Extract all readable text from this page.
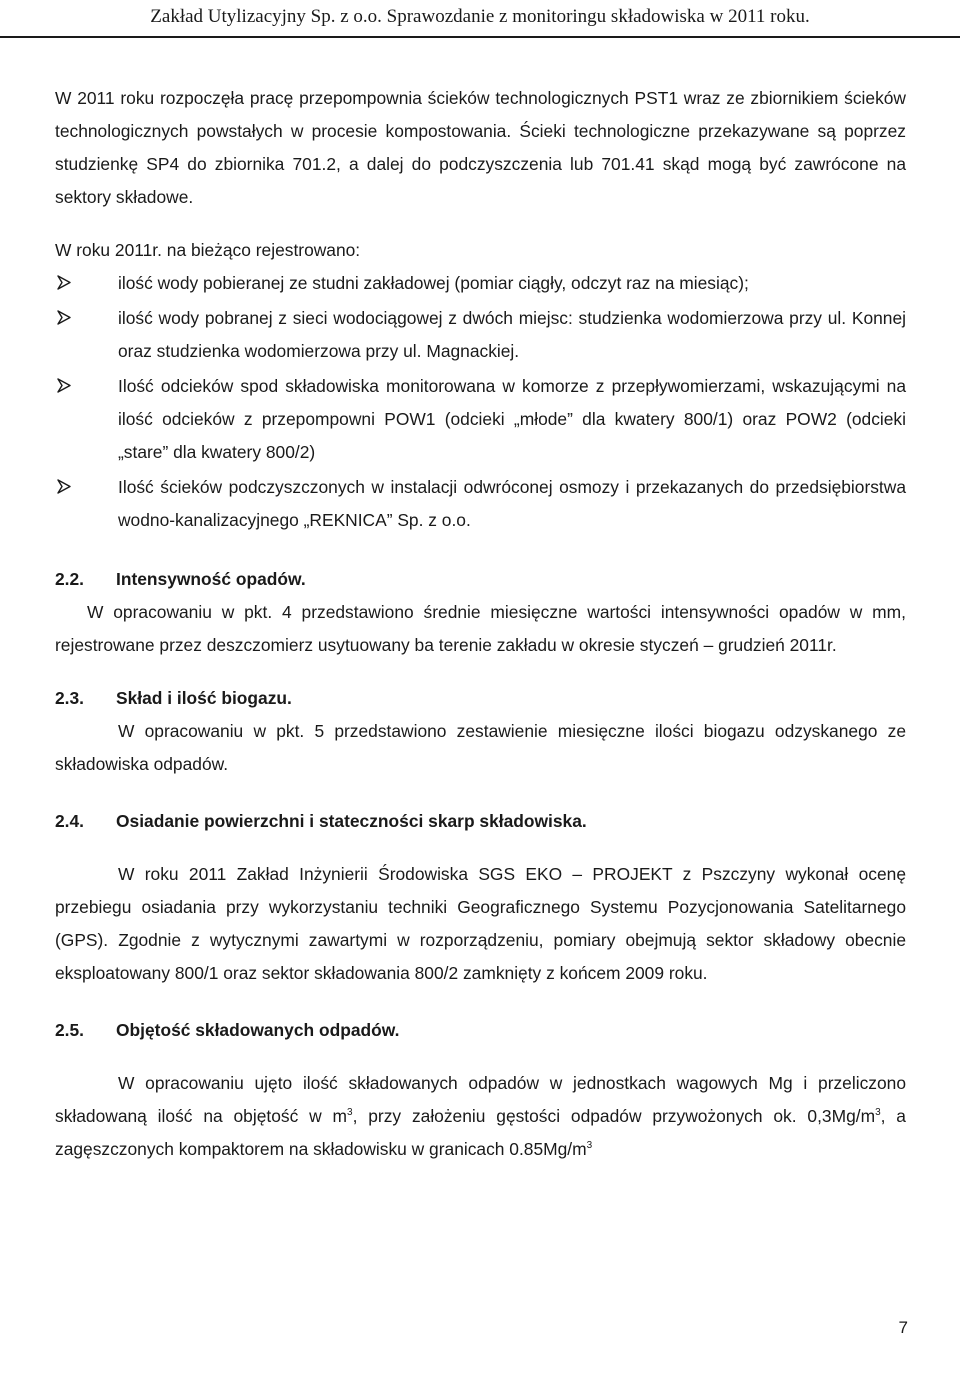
Zakład Utylizacyjny Sp. z o.o. Sprawozdanie z monitoringu składowiska w 2011 roku.

W 2011 roku rozpoczęła pracę przepompownia ścieków technologicznych PST1 wraz ze zbiornikiem ścieków technologicznych powstałych w procesie kompostowania. Ścieki technologiczne przekazywane są poprzez studzienkę SP4 do zbiornika 701.2, a dalej do podczyszczenia lub 701.41 skąd mogą być zawrócone na sektory składowe.

W roku 2011r. na bieżąco rejestrowano:

ilość wody pobieranej ze studni zakładowej (pomiar ciągły, odczyt raz na miesiąc);
ilość wody pobranej z sieci wodociągowej z dwóch miejsc: studzienka wodomierzowa przy ul. Konnej oraz studzienka wodomierzowa przy ul. Magnackiej.
Ilość odcieków spod składowiska monitorowana w komorze z przepływomierzami, wskazującymi na ilość odcieków z przepompowni POW1 (odcieki „młode” dla kwatery 800/1) oraz POW2 (odcieki „stare” dla kwatery 800/2)
Ilość ścieków podczyszczonych w instalacji odwróconej osmozy i przekazanych do przedsiębiorstwa wodno-kanalizacyjnego „REKNICA” Sp. z o.o.
2.2.	Intensywność opadów.

W opracowaniu w pkt. 4 przedstawiono średnie miesięczne wartości intensywności opadów w mm, rejestrowane przez deszczomierz usytuowany ba terenie zakładu w okresie styczeń – grudzień 2011r.

2.3.	Skład i ilość biogazu.

W opracowaniu w pkt. 5 przedstawiono zestawienie miesięczne ilości biogazu odzyskanego ze składowiska odpadów.

2.4.	Osiadanie powierzchni i stateczności skarp składowiska.

W roku 2011 Zakład Inżynierii Środowiska SGS EKO – PROJEKT z Pszczyny wykonał ocenę przebiegu osiadania przy wykorzystaniu techniki Geograficznego Systemu Pozycjonowania Satelitarnego (GPS). Zgodnie z wytycznymi zawartymi w rozporządzeniu, pomiary obejmują sektor składowy obecnie eksploatowany 800/1 oraz sektor składowania 800/2 zamknięty z końcem 2009 roku.

2.5.	Objętość składowanych odpadów.

W opracowaniu ujęto ilość składowanych odpadów w jednostkach wagowych Mg i przeliczono składowaną ilość na objętość w $m^3$, przy założeniu gęstości odpadów przywożonych ok. $0,3Mg/m^3$, a zagęszczonych kompaktorem na składowisku w granicach $0.85Mg/m^3$

7
